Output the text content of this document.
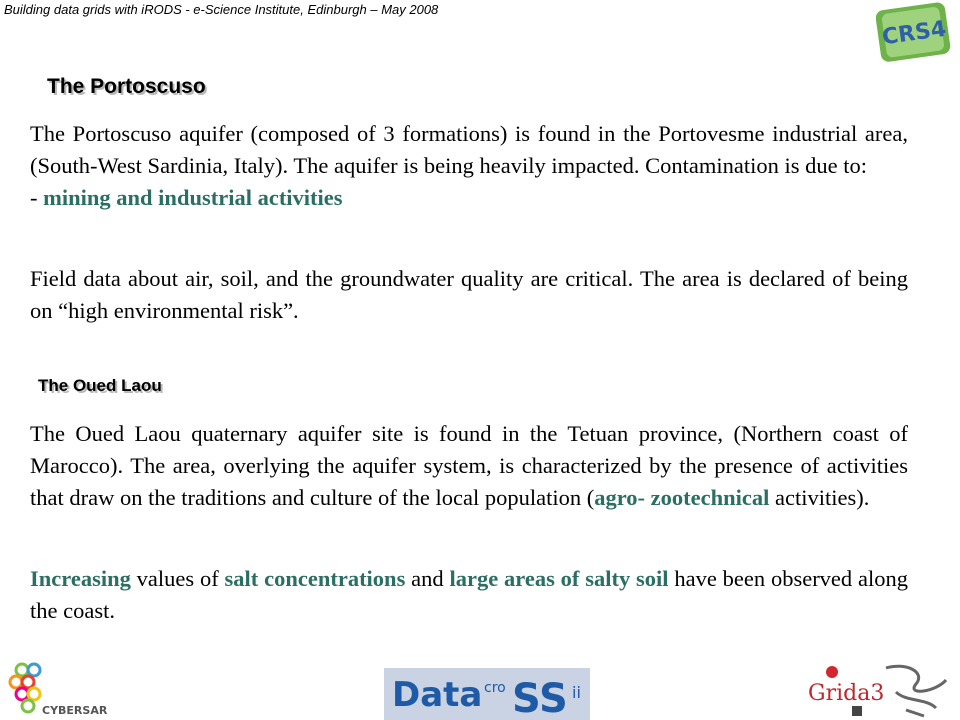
Building data grids with iRODS - e-Science Institute, Edinburgh – May 2008
CRS4
The Portoscuso

The Portoscuso aquifer (composed of 3 formations) is found in the Portovesme industrial area, (South-West Sardinia, Italy). The aquifer is being heavily impacted. Contamination is due to:
- mining and industrial activities

Field data about air, soil, and the groundwater quality are critical. The area is declared of being on “high environmental risk”.

The Oued Laou

The Oued Laou quaternary aquifer site is found in the Tetuan province, (Northern coast of Marocco). The area, overlying the aquifer system, is characterized by the presence of activities that draw on the traditions and culture of the local population (agro- zootechnical activities).

Increasing values of salt concentrations and large areas of salty soil have been observed along the coast.

CYBERSAR	Data cro SS ii	Grida3
